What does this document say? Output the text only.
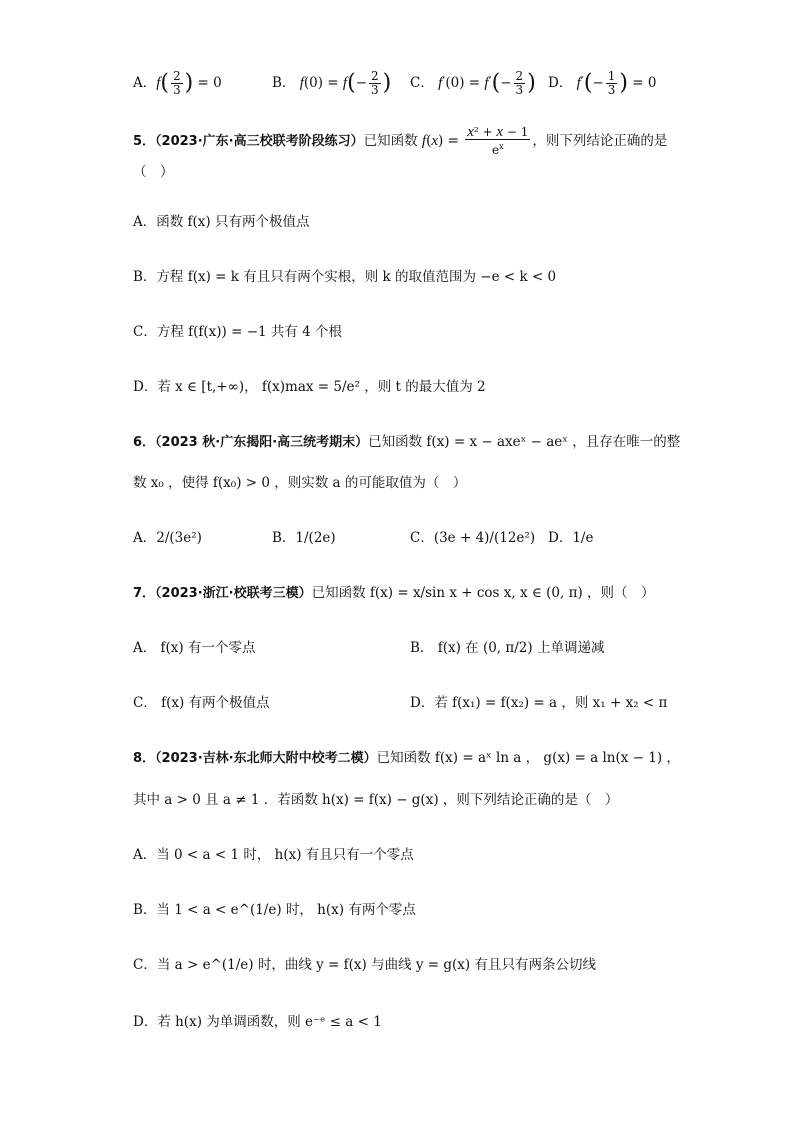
A．$f( \frac{2}{3}$ ) = 0	B． $f(0) = f(- \frac{2}{3}$ ) C． $f'(0) = f'(- \frac{2}{3}$ ) D． $f'(- \frac{1}{3}$ ) = 0
5．（2023·广东·高三校联考阶段练习）已知函数 $f(x) = \frac{\text{x² + x − 1}}{e^x}$ ，则下列结论正确的是
（　）
A．函数 f(x) 只有两个极值点
B．方程 f(x) = k 有且只有两个实根，则 k 的取值范围为 −e < k < 0
C．方程 f(f(x)) = −1 共有 4 个根
D．若 x ∈ [t,+∞)， f(x)max = 5/e² ，则 t 的最大值为 2
6．（2023 秋·广东揭阳·高三统考期末）已知函数 f(x) = x − axeˣ − aeˣ ，且存在唯一的整
数 x₀ ，使得 f(x₀) > 0 ，则实数 a 的可能取值为（　）
A．2/(3e²)	B．1/(2e)	C．(3e + 4)/(12e²) D．1/e
7．（2023·浙江·校联考三模）已知函数 f(x) = x/sin x + cos x, x ∈ (0, π) ，则（　）
A． f(x) 有一个零点	B． f(x) 在 (0, π/2) 上单调递减
C． f(x) 有两个极值点	D．若 f(x₁) = f(x₂) = a ，则 x₁ + x₂ < π
8．（2023·吉林·东北师大附中校考二模）已知函数 f(x) = aˣ ln a ， g(x) = a ln(x − 1) ，
其中 a > 0 且 a ≠ 1 ．若函数 h(x) = f(x) − g(x) ，则下列结论正确的是（　）
A．当 0 < a < 1 时， h(x) 有且只有一个零点
B．当 1 < a < e^(1/e) 时， h(x) 有两个零点
C．当 a > e^(1/e) 时，曲线 y = f(x) 与曲线 y = g(x) 有且只有两条公切线
D．若 h(x) 为单调函数，则 e⁻ᵉ ≤ a < 1
